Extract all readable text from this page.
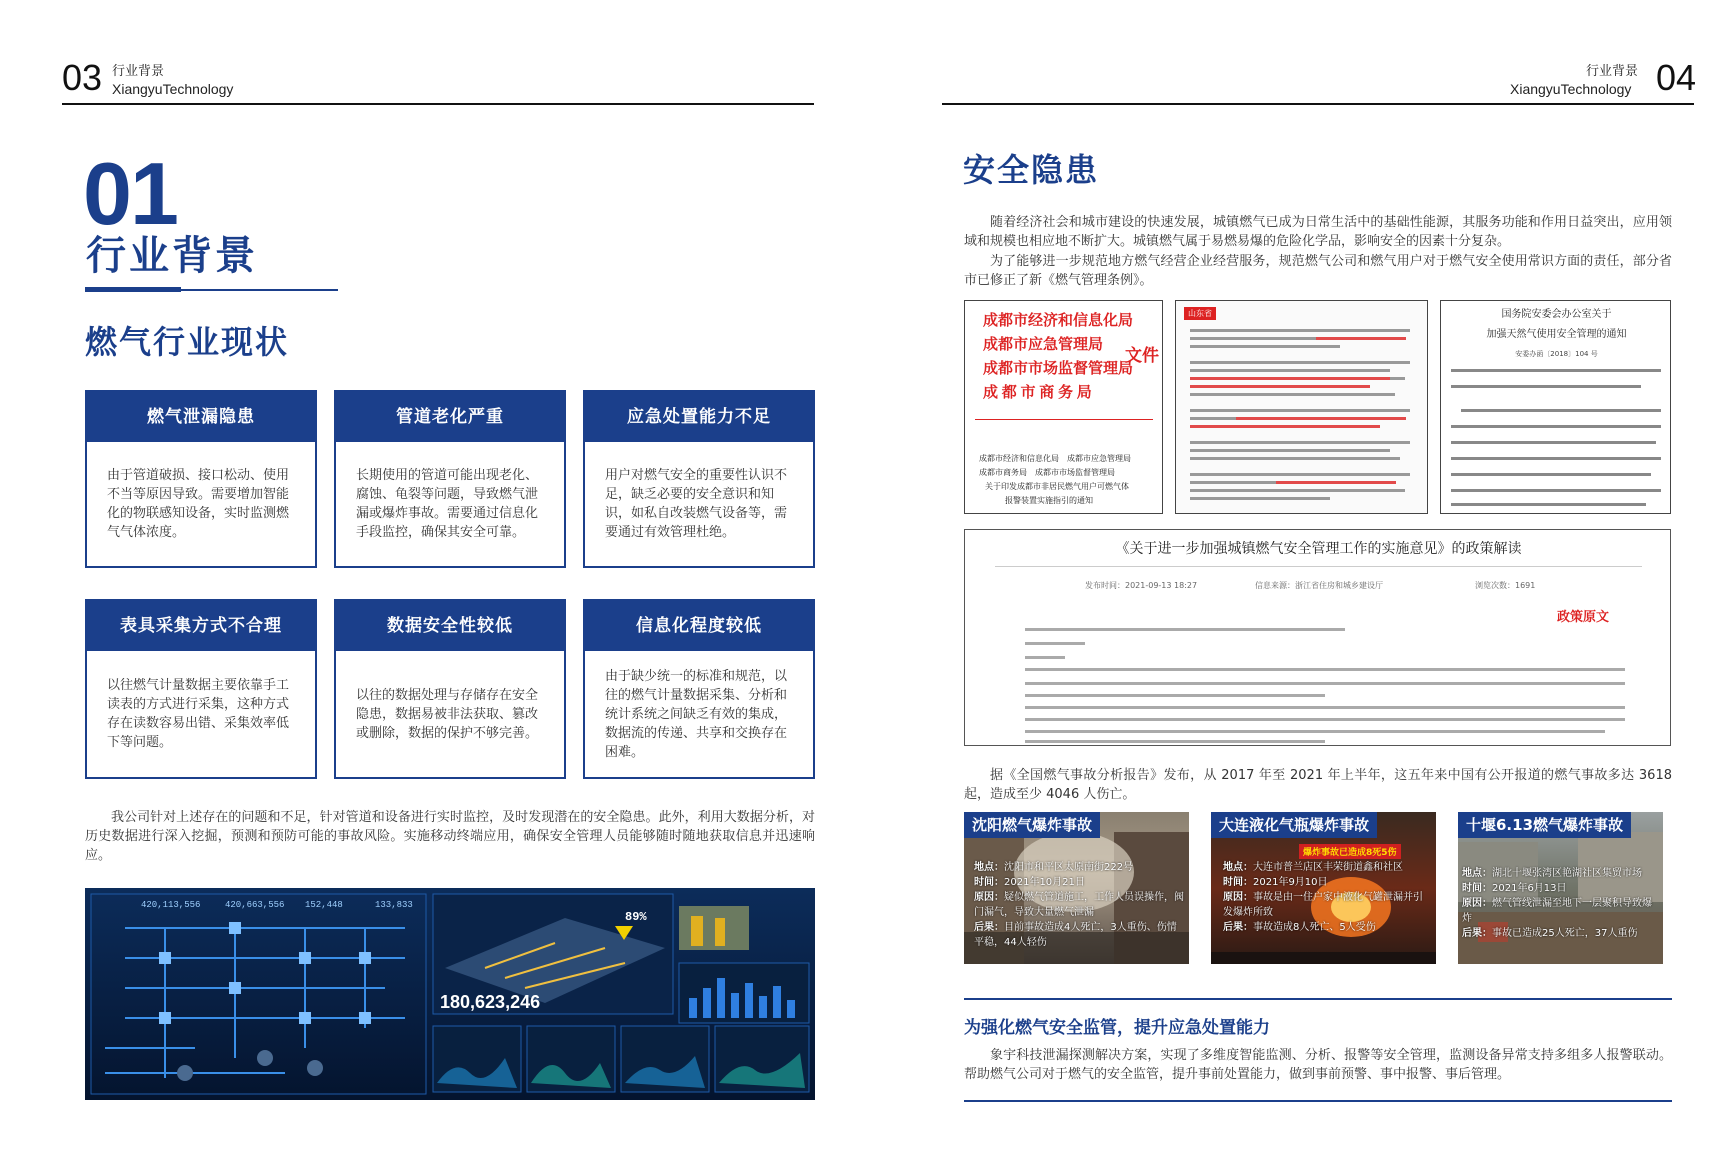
03 行业背景
XiangyuTechnology
01
行业背景
燃气行业现状
燃气泄漏隐患
由于管道破损、接口松动、使用不当等原因导致。需要增加智能化的物联感知设备，实时监测燃气气体浓度。
管道老化严重
长期使用的管道可能出现老化、腐蚀、龟裂等问题，导致燃气泄漏或爆炸事故。需要通过信息化手段监控，确保其安全可靠。
应急处置能力不足
用户对燃气安全的重要性认识不足，缺乏必要的安全意识和知识，如私自改装燃气设备等，需要通过有效管理杜绝。
表具采集方式不合理
以往燃气计量数据主要依靠手工读表的方式进行采集，这种方式存在读数容易出错、采集效率低下等问题。
数据安全性较低
以往的数据处理与存储存在安全隐患，数据易被非法获取、篡改或删除，数据的保护不够完善。
信息化程度较低
由于缺少统一的标准和规范，以往的燃气计量数据采集、分析和统计系统之间缺乏有效的集成，数据流的传递、共享和交换存在困难。
我公司针对上述存在的问题和不足，针对管道和设备进行实时监控，及时发现潜在的安全隐患。此外，利用大数据分析，对历史数据进行深入挖掘，预测和预防可能的事故风险。实施移动终端应用，确保安全管理人员能够随时随地获取信息并迅速响应。
420,113,556	420,663,556 152,448	133,833
180,623,246
89%
行业背景
XiangyuTechnology 04
安全隐患
随着经济社会和城市建设的快速发展，城镇燃气已成为日常生活中的基础性能源，其服务功能和作用日益突出，应用领域和规模也相应地不断扩大。城镇燃气属于易燃易爆的危险化学品，影响安全的因素十分复杂。
为了能够进一步规范地方燃气经营企业经营服务，规范燃气公司和燃气用户对于燃气安全使用常识方面的责任，部分省市已修正了新《燃气管理条例》。
成都市经济和信息化局
成都市应急管理局
成都市市场监督管理局
成 都 市 商 务 局
文件
成都市经济和信息化局　成都市应急管理局
成都市商务局　成都市市场监督管理局
关于印发成都市非居民燃气用户可燃气体
报警装置实施指引的通知
山东省	国务院安委会办公室关于
加强天然气使用安全管理的通知
安委办函〔2018〕104 号
《关于进一步加强城镇燃气安全管理工作的实施意见》的政策解读
发布时间：2021-09-13 18:27	信息来源：浙江省住房和城乡建设厅	浏览次数：1691
政策原文
据《全国燃气事故分析报告》发布，从 2017 年至 2021 年上半年，这五年来中国有公开报道的燃气事故多达 3618 起，造成至少 4046 人伤亡。
沈阳燃气爆炸事故
地点：沈阳市和平区太原南街222号
时间：2021年10月21日
原因：疑似燃气管道施工，工作人员误操作，阀门漏气，导致大量燃气泄漏
后果：目前事故造成4人死亡，3人重伤、伤情平稳，44人轻伤
大连液化气瓶爆炸事故
爆炸事故已造成8死5伤
地点：大连市普兰店区丰荣街道鑫和社区
时间：2021年9月10日
原因：事故是由一住户家中液化气罐泄漏并引发爆炸所致
后果：事故造成8人死亡、5人受伤
十堰6.13燃气爆炸事故
地点：湖北十堰张湾区艳湖社区集贸市场
时间：2021年6月13日
原因：燃气管线泄漏至地下一层聚积导致爆炸
后果：事故已造成25人死亡，37人重伤
为强化燃气安全监管，提升应急处置能力
象宇科技泄漏探测解决方案，实现了多维度智能监测、分析、报警等安全管理，监测设备异常支持多组多人报警联动。帮助燃气公司对于燃气的安全监管，提升事前处置能力，做到事前预警、事中报警、事后管理。
